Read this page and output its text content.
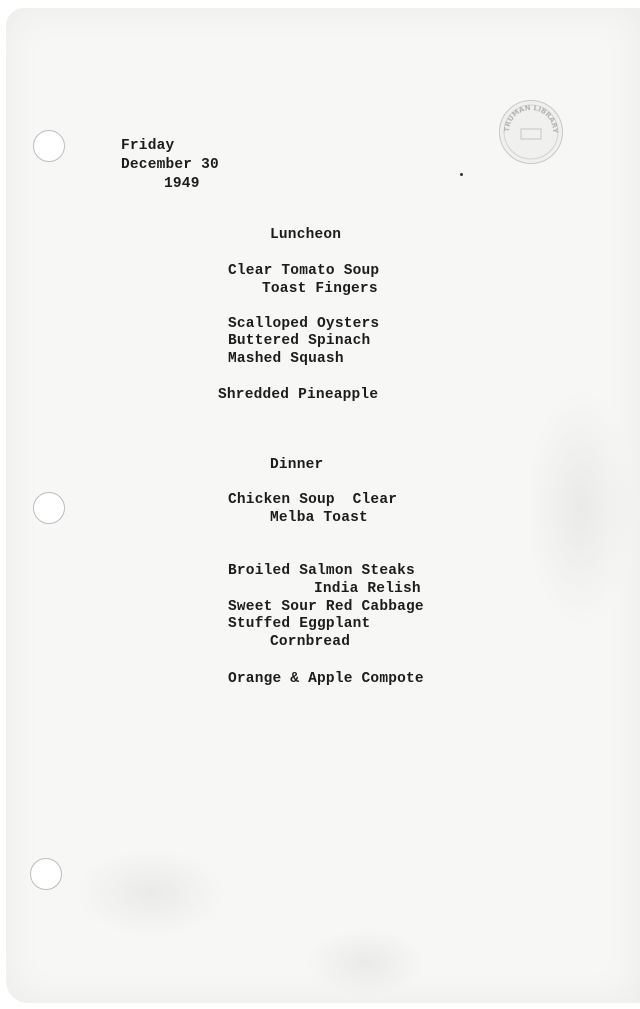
TRUMAN LIBRARY
Friday
December 30
1949
Luncheon
Clear Tomato Soup
Toast Fingers
Scalloped Oysters
Buttered Spinach
Mashed Squash
Shredded Pineapple
Dinner
Chicken Soup  Clear
Melba Toast
Broiled Salmon Steaks
India Relish
Sweet Sour Red Cabbage
Stuffed Eggplant
Cornbread
Orange & Apple Compote
